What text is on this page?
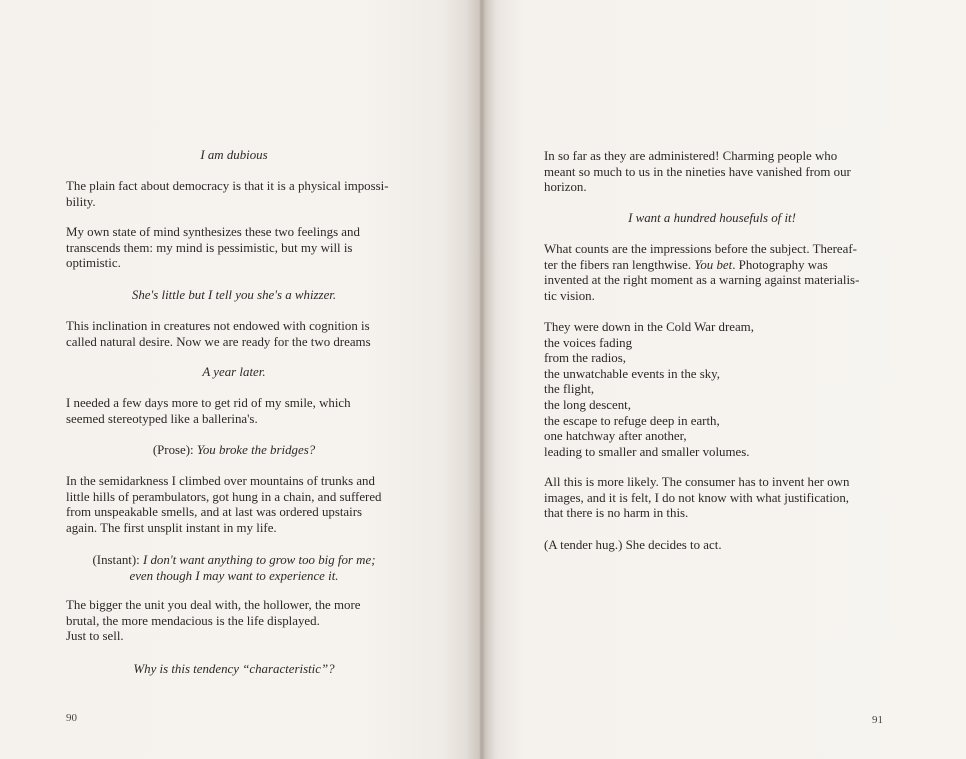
I am dubious

The plain fact about democracy is that it is a physical impossi-

bility.

My own state of mind synthesizes these two feelings and

transcends them: my mind is pessimistic, but my will is

optimistic.

She's little but I tell you she's a whizzer.

This inclination in creatures not endowed with cognition is

called natural desire. Now we are ready for the two dreams

A year later.

I needed a few days more to get rid of my smile, which

seemed stereotyped like a ballerina's.

(Prose): You broke the bridges?

In the semidarkness I climbed over mountains of trunks and

little hills of perambulators, got hung in a chain, and suffered

from unspeakable smells, and at last was ordered upstairs

again. The first unsplit instant in my life.

(Instant): I don't want anything to grow too big for me;

even though I may want to experience it.

The bigger the unit you deal with, the hollower, the more

brutal, the more mendacious is the life displayed.

Just to sell.

Why is this tendency “characteristic”?
90

In so far as they are administered! Charming people who

meant so much to us in the nineties have vanished from our

horizon.

I want a hundred housefuls of it!

What counts are the impressions before the subject. Thereaf-

ter the fibers ran lengthwise. You bet. Photography was

invented at the right moment as a warning against materialis-

tic vision.

They were down in the Cold War dream,

the voices fading

from the radios,

the unwatchable events in the sky,

the flight,

the long descent,

the escape to refuge deep in earth,

one hatchway after another,

leading to smaller and smaller volumes.

All this is more likely. The consumer has to invent her own

images, and it is felt, I do not know with what justification,

that there is no harm in this.

(A tender hug.) She decides to act.
91
